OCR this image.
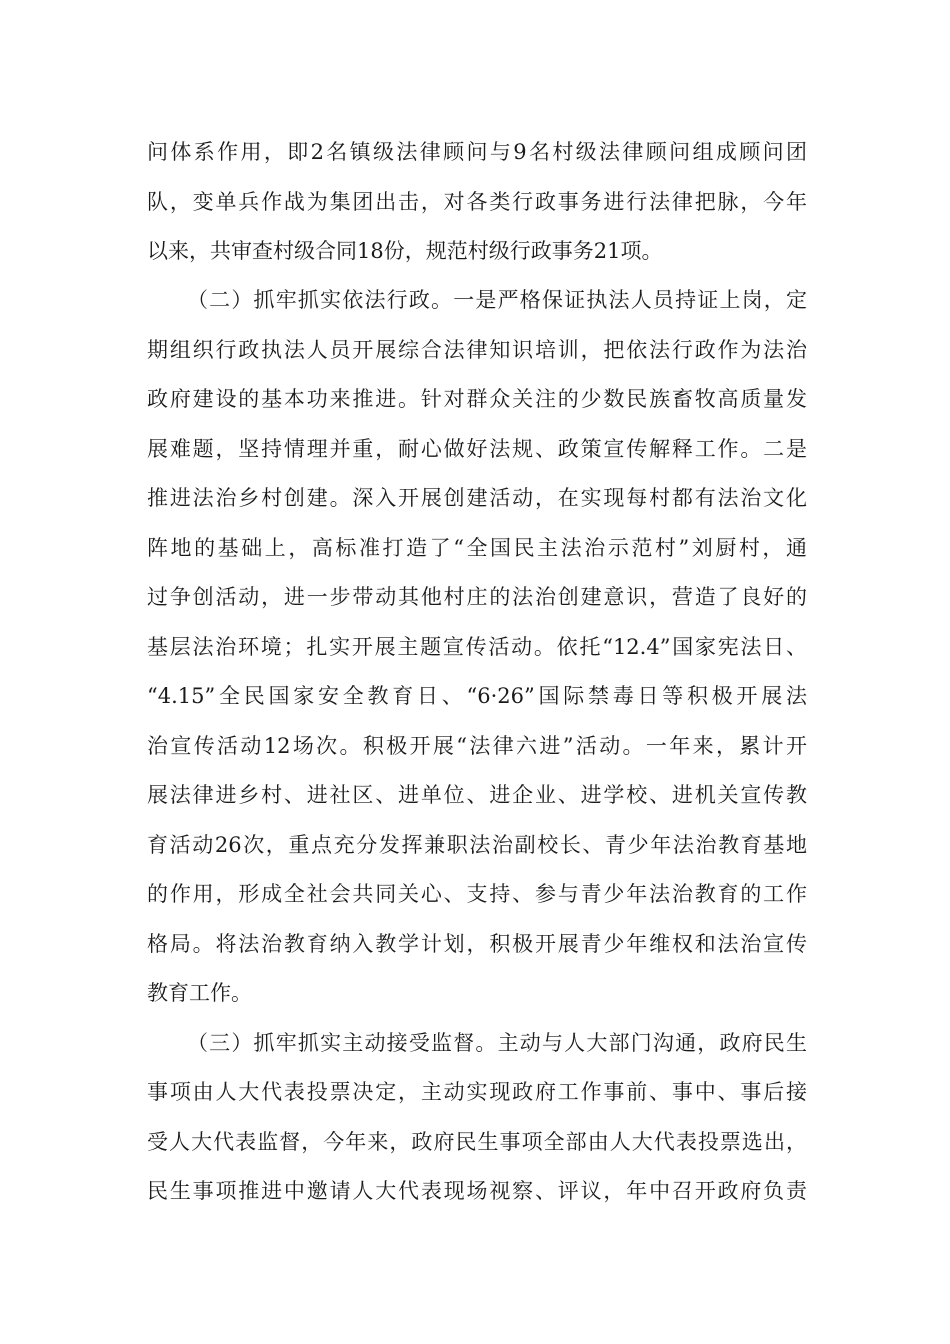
问体系作用，即2名镇级法律顾问与9名村级法律顾问组成顾问团

队，变单兵作战为集团出击，对各类行政事务进行法律把脉，今年

以来，共审查村级合同18份，规范村级行政事务21项。

（二）抓牢抓实依法行政。一是严格保证执法人员持证上岗，定

期组织行政执法人员开展综合法律知识培训，把依法行政作为法治

政府建设的基本功来推进。针对群众关注的少数民族畜牧高质量发

展难题，坚持情理并重，耐心做好法规、政策宣传解释工作。二是

推进法治乡村创建。深入开展创建活动，在实现每村都有法治文化

阵地的基础上，高标准打造了“全国民主法治示范村”刘厨村，通

过争创活动，进一步带动其他村庄的法治创建意识，营造了良好的

基层法治环境；扎实开展主题宣传活动。依托“12.4”国家宪法日、

“4.15”全民国家安全教育日、“6·26”国际禁毒日等积极开展法

治宣传活动12场次。积极开展“法律六进”活动。一年来，累计开

展法律进乡村、进社区、进单位、进企业、进学校、进机关宣传教

育活动26次，重点充分发挥兼职法治副校长、青少年法治教育基地

的作用，形成全社会共同关心、支持、参与青少年法治教育的工作

格局。将法治教育纳入教学计划，积极开展青少年维权和法治宣传

教育工作。

（三）抓牢抓实主动接受监督。主动与人大部门沟通，政府民生

事项由人大代表投票决定，主动实现政府工作事前、事中、事后接

受人大代表监督，今年来，政府民生事项全部由人大代表投票选出，

民生事项推进中邀请人大代表现场视察、评议，年中召开政府负责
